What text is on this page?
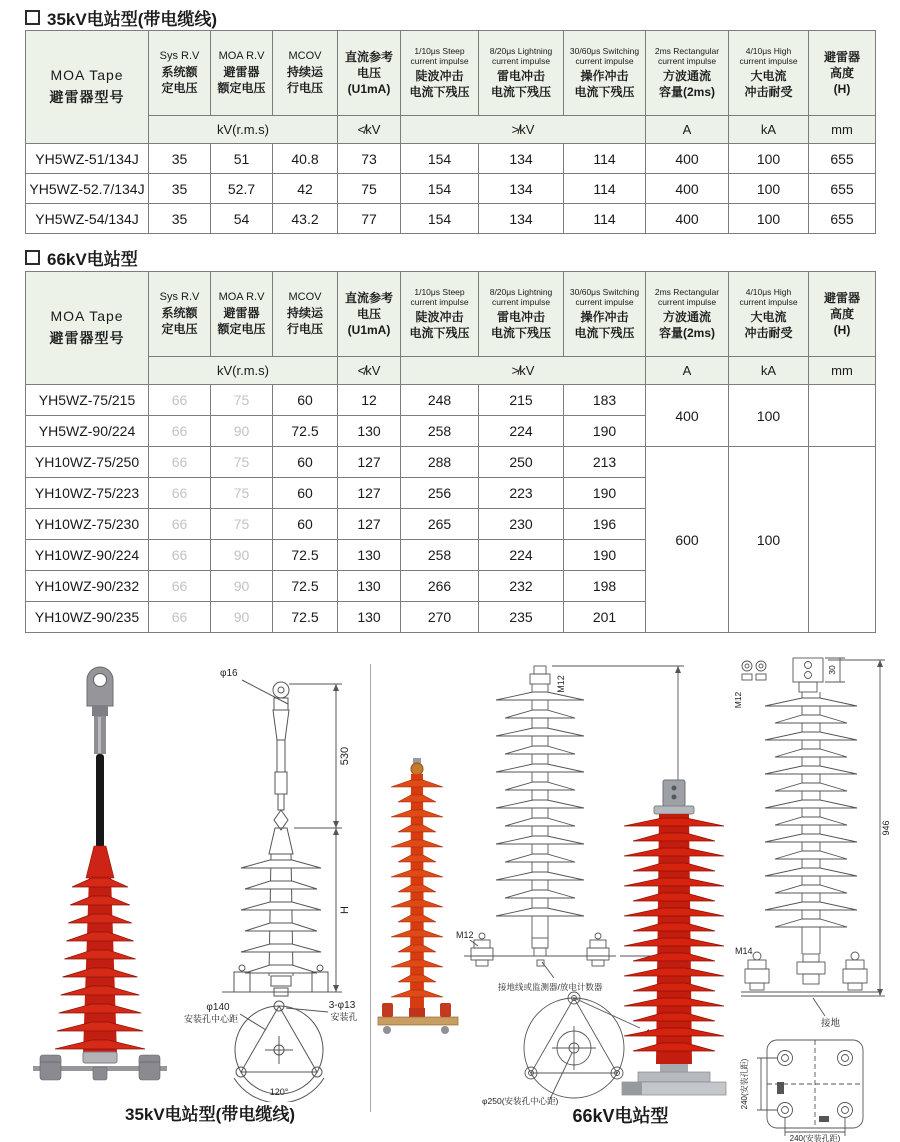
35kV电站型(带电缆线)
MOA Tape
避雷器型号

Sys R.V
系统额
定电压

MOA R.V
避雷器
额定电压

MCOV
持续运
行电压

直流参考
电压
(U1mA)

1/10μs Steep
current impulse
陡波冲击
电流下残压

8/20μs Lightning
current impulse
雷电冲击
电流下残压

30/60μs Switching
current impulse
操作冲击
电流下残压

2ms Rectangular
current impulse
方波通流
容量(2ms)

4/10μs High
current impulse
大电流
冲击耐受

避雷器
高度
(H)

	kV(r.m.s)			≮kV	≯kV			A	kA	mm
YH5WZ-51/134J	35	51	40.8	73	154	134	114	400	100	655
YH5WZ-52.7/134J	35	52.7	42	75	154	134	114	400	100	655
YH5WZ-54/134J	35	54	43.2	77	154	134	114	400	100	655
66kV电站型
MOA Tape
避雷器型号

Sys R.V
系统额
定电压

MOA R.V
避雷器
额定电压

MCOV
持续运
行电压

直流参考
电压
(U1mA)

1/10μs Steep
current impulse
陡波冲击
电流下残压

8/20μs Lightning
current impulse
雷电冲击
电流下残压

30/60μs Switching
current impulse
操作冲击
电流下残压

2ms Rectangular
current impulse
方波通流
容量(2ms)

4/10μs High
current impulse
大电流
冲击耐受

避雷器
高度
(H)

	kV(r.m.s)			≮kV	≯kV			A	kA	mm
YH5WZ-75/215	66	75	60	12	248	215	183	400	100	
YH5WZ-90/224	66	90	72.5	130	258	224	190			
YH10WZ-75/250	66	75	60	127	288	250	213	600	100	
YH10WZ-75/223	66	75	60	127	256	223	190			
YH10WZ-75/230	66	75	60	127	265	230	196			
YH10WZ-90/224	66	90	72.5	130	258	224	190			
YH10WZ-90/232	66	90	72.5	130	266	232	198			
YH10WZ-90/235	66	90	72.5	130	270	235	201			
φ16
530
H
φ140
安装孔中心距
3-φ13
安装孔
120°
M12
M12
接地线或监测器/放电计数器
φ250(安装孔中心距)
M12
30
946
M14
接地
240(安装孔距)
240(安装孔距)
35kV电站型(带电缆线)	66kV电站型
